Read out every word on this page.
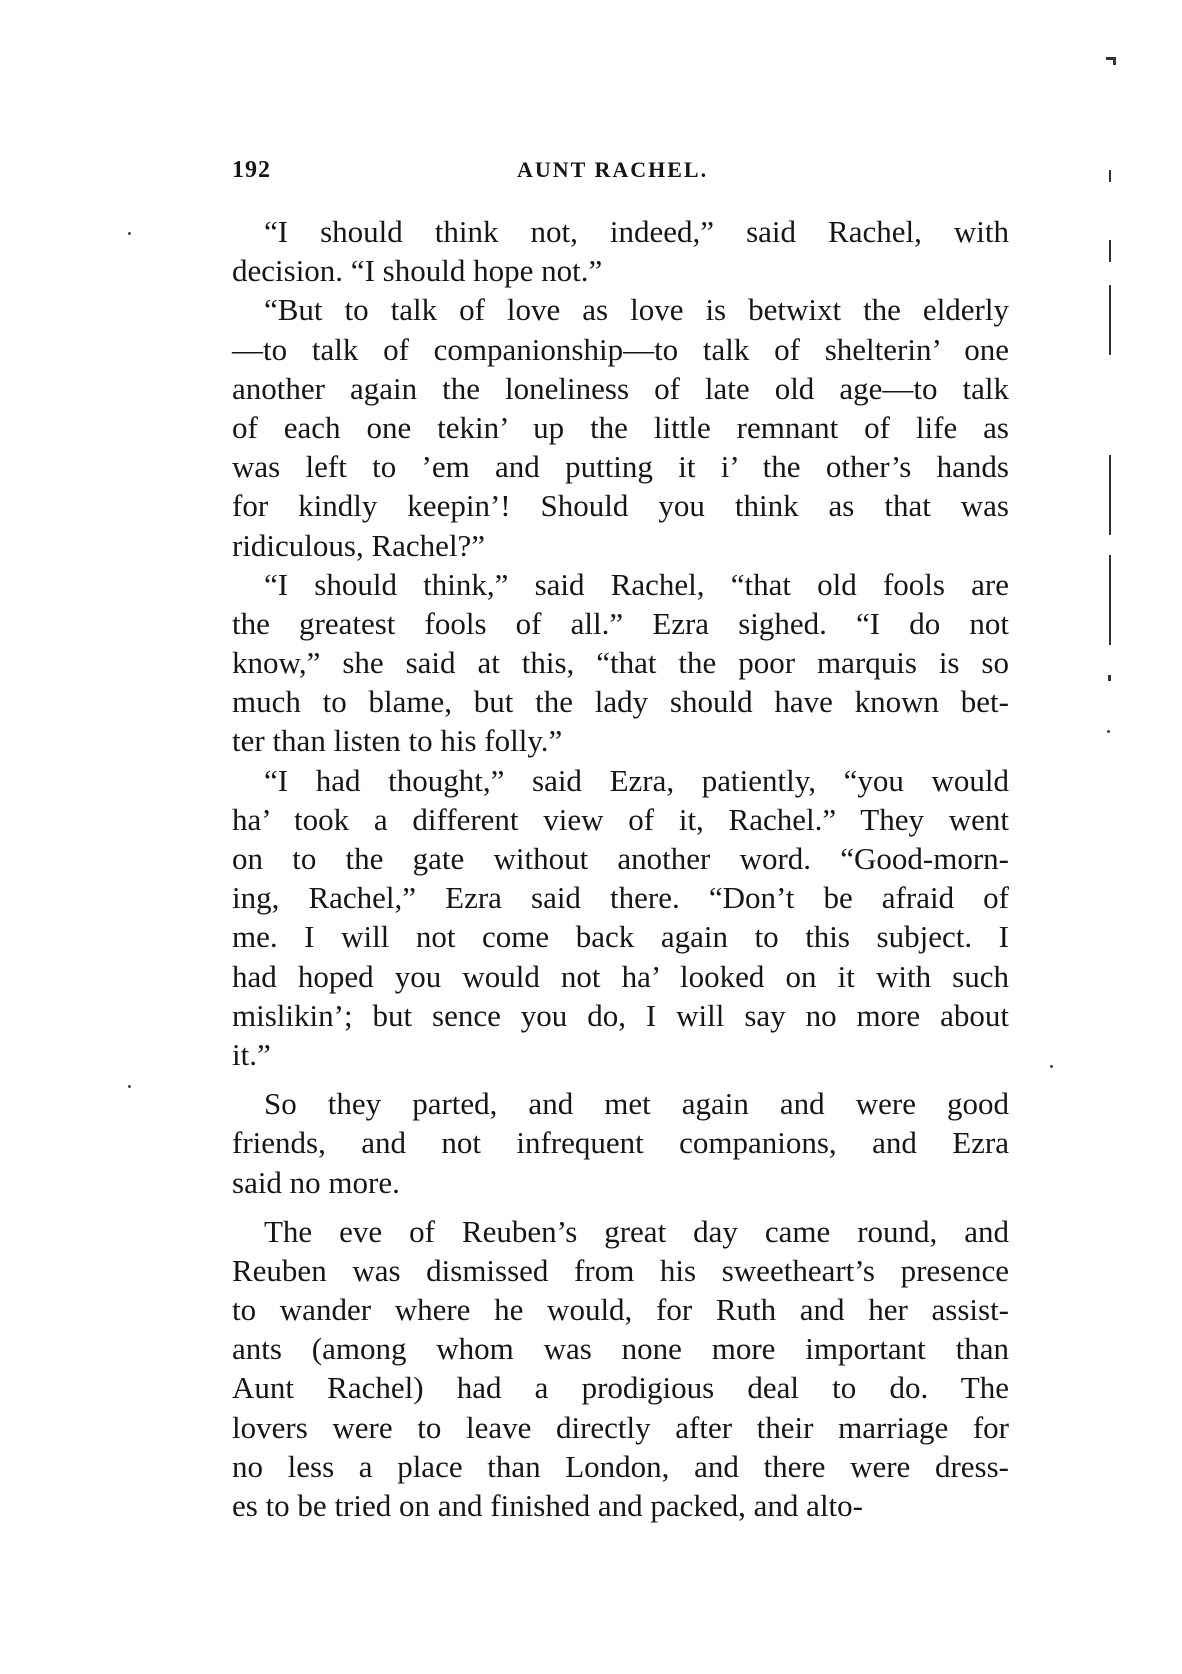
192	AUNT RACHEL.
“I should think not, indeed,” said Rachel, with
decision. “I should hope not.”
“But to talk of love as love is betwixt the elderly
—to talk of companionship—to talk of shelterin’ one
another again the loneliness of late old age—to talk
of each one tekin’ up the little remnant of life as
was left to ’em and putting it i’ the other’s hands
for kindly keepin’! Should you think as that was
ridiculous, Rachel?”
“I should think,” said Rachel, “that old fools are
the greatest fools of all.” Ezra sighed. “I do not
know,” she said at this, “that the poor marquis is so
much to blame, but the lady should have known bet-
ter than listen to his folly.”
“I had thought,” said Ezra, patiently, “you would
ha’ took a different view of it, Rachel.” They went
on to the gate without another word. “Good-morn-
ing, Rachel,” Ezra said there. “Don’t be afraid of
me. I will not come back again to this subject. I
had hoped you would not ha’ looked on it with such
mislikin’; but sence you do, I will say no more about
it.”
So they parted, and met again and were good
friends, and not infrequent companions, and Ezra
said no more.
The eve of Reuben’s great day came round, and
Reuben was dismissed from his sweetheart’s presence
to wander where he would, for Ruth and her assist-
ants (among whom was none more important than
Aunt Rachel) had a prodigious deal to do. The
lovers were to leave directly after their marriage for
no less a place than London, and there were dress-
es to be tried on and finished and packed, and alto-
